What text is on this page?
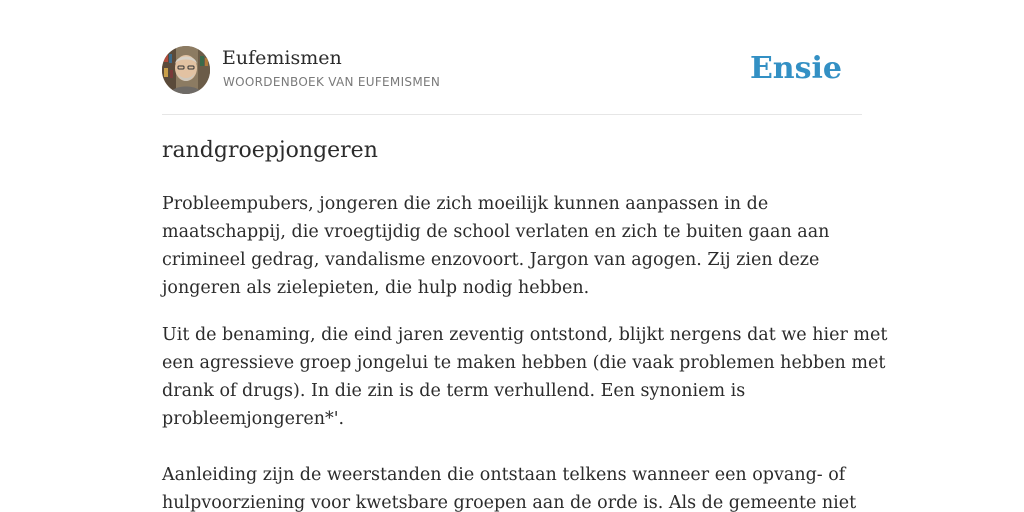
Eufemismen
WOORDENBOEK VAN EUFEMISMEN	Ensie
randgroepjongeren
Probleempubers, jongeren die zich moeilijk kunnen aanpassen in de
maatschappij, die vroegtijdig de school verlaten en zich te buiten gaan aan
crimineel gedrag, vandalisme enzovoort. Jargon van agogen. Zij zien deze
jongeren als zielepieten, die hulp nodig hebben.
Uit de benaming, die eind jaren zeventig ontstond, blijkt nergens dat we hier met
een agressieve groep jongelui te maken hebben (die vaak problemen hebben met
drank of drugs). In die zin is de term verhullend. Een synoniem is
probleemjongeren*'.
Aanleiding zijn de weerstanden die ontstaan telkens wanneer een opvang- of
hulpvoorziening voor kwetsbare groepen aan de orde is. Als de gemeente niet
